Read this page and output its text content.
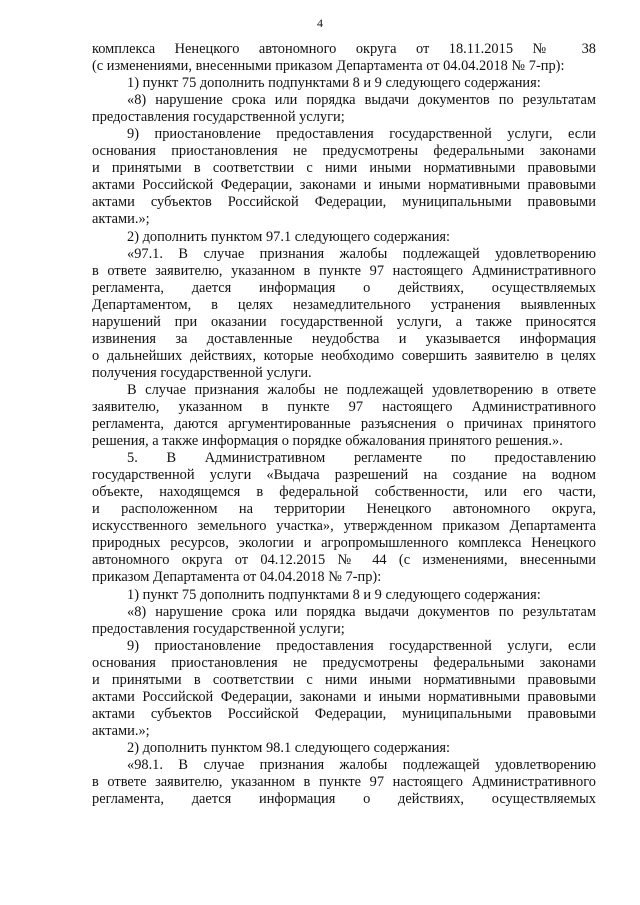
4
комплекса Ненецкого автономного округа от 18.11.2015 № 38
(с изменениями, внесенными приказом Департамента от 04.04.2018 № 7-пр):
1) пункт 75 дополнить подпунктами 8 и 9 следующего содержания:
«8) нарушение срока или порядка выдачи документов по результатам
предоставления государственной услуги;
9) приостановление предоставления государственной услуги, если
основания приостановления не предусмотрены федеральными законами
и принятыми в соответствии с ними иными нормативными правовыми
актами Российской Федерации, законами и иными нормативными правовыми
актами субъектов Российской Федерации, муниципальными правовыми
актами.»;
2) дополнить пунктом 97.1 следующего содержания:
«97.1. В случае признания жалобы подлежащей удовлетворению
в ответе заявителю, указанном в пункте 97 настоящего Административного
регламента, дается информация о действиях, осуществляемых
Департаментом, в целях незамедлительного устранения выявленных
нарушений при оказании государственной услуги, а также приносятся
извинения за доставленные неудобства и указывается информация
о дальнейших действиях, которые необходимо совершить заявителю в целях
получения государственной услуги.
В случае признания жалобы не подлежащей удовлетворению в ответе
заявителю, указанном в пункте 97 настоящего Административного
регламента, даются аргументированные разъяснения о причинах принятого
решения, а также информация о порядке обжалования принятого решения.».
5. В Административном регламенте по предоставлению
государственной услуги «Выдача разрешений на создание на водном
объекте, находящемся в федеральной собственности, или его части,
и расположенном на территории Ненецкого автономного округа,
искусственного земельного участка», утвержденном приказом Департамента
природных ресурсов, экологии и агропромышленного комплекса Ненецкого
автономного округа от 04.12.2015 № 44 (с изменениями, внесенными
приказом Департамента от 04.04.2018 № 7-пр):
1) пункт 75 дополнить подпунктами 8 и 9 следующего содержания:
«8) нарушение срока или порядка выдачи документов по результатам
предоставления государственной услуги;
9) приостановление предоставления государственной услуги, если
основания приостановления не предусмотрены федеральными законами
и принятыми в соответствии с ними иными нормативными правовыми
актами Российской Федерации, законами и иными нормативными правовыми
актами субъектов Российской Федерации, муниципальными правовыми
актами.»;
2) дополнить пунктом 98.1 следующего содержания:
«98.1. В случае признания жалобы подлежащей удовлетворению
в ответе заявителю, указанном в пункте 97 настоящего Административного
регламента, дается информация о действиях, осуществляемых
